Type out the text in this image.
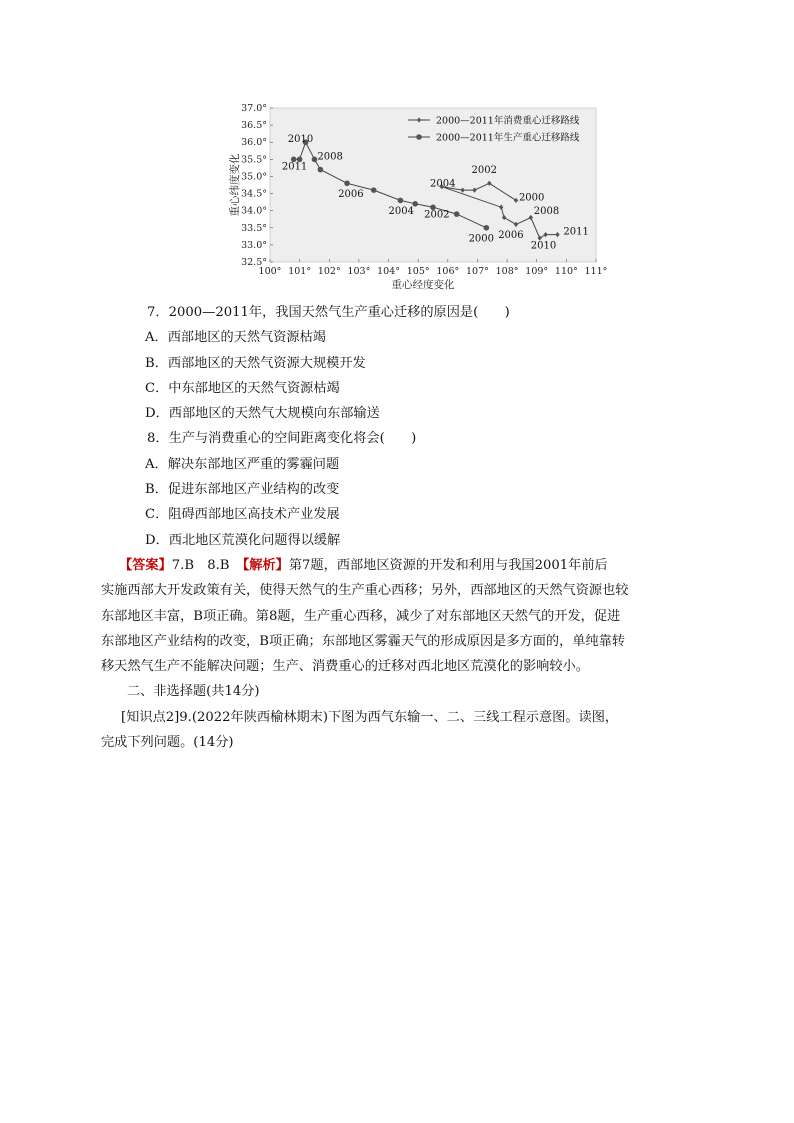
32.5°
33.0°
33.5°
34.0°
34.5°
35.0°
35.5°
36.0°
36.5°
37.0°
100° 101° 102° 103° 104° 105° 106° 107° 108° 109° 110° 111°
重心经度变化
重心纬度变化
2010
2011
2008
2006
2004 2002
2000
2004
2002
2000
2006
2008
2010
2011
2000—2011年消费重心迁移路线
2000—2011年生产重心迁移路线
7．2000—2011年，我国天然气生产重心迁移的原因是(　　)
A．西部地区的天然气资源枯竭
B．西部地区的天然气资源大规模开发
C．中东部地区的天然气资源枯竭
D．西部地区的天然气大规模向东部输送
8．生产与消费重心的空间距离变化将会(　　)
A．解决东部地区严重的雾霾问题
B．促进东部地区产业结构的改变
C．阻碍西部地区高技术产业发展
D．西北地区荒漠化问题得以缓解
【答案】7.B　8.B　【解析】第7题，西部地区资源的开发和利用与我国2001年前后
实施西部大开发政策有关，使得天然气的生产重心西移；另外，西部地区的天然气资源也较
东部地区丰富，B项正确。第8题，生产重心西移，减少了对东部地区天然气的开发，促进
东部地区产业结构的改变，B项正确；东部地区雾霾天气的形成原因是多方面的，单纯靠转
移天然气生产不能解决问题；生产、消费重心的迁移对西北地区荒漠化的影响较小。
二、非选择题(共14分)
[知识点2]9.(2022年陕西榆林期末)下图为西气东输一、二、三线工程示意图。读图，
完成下列问题。(14分)
